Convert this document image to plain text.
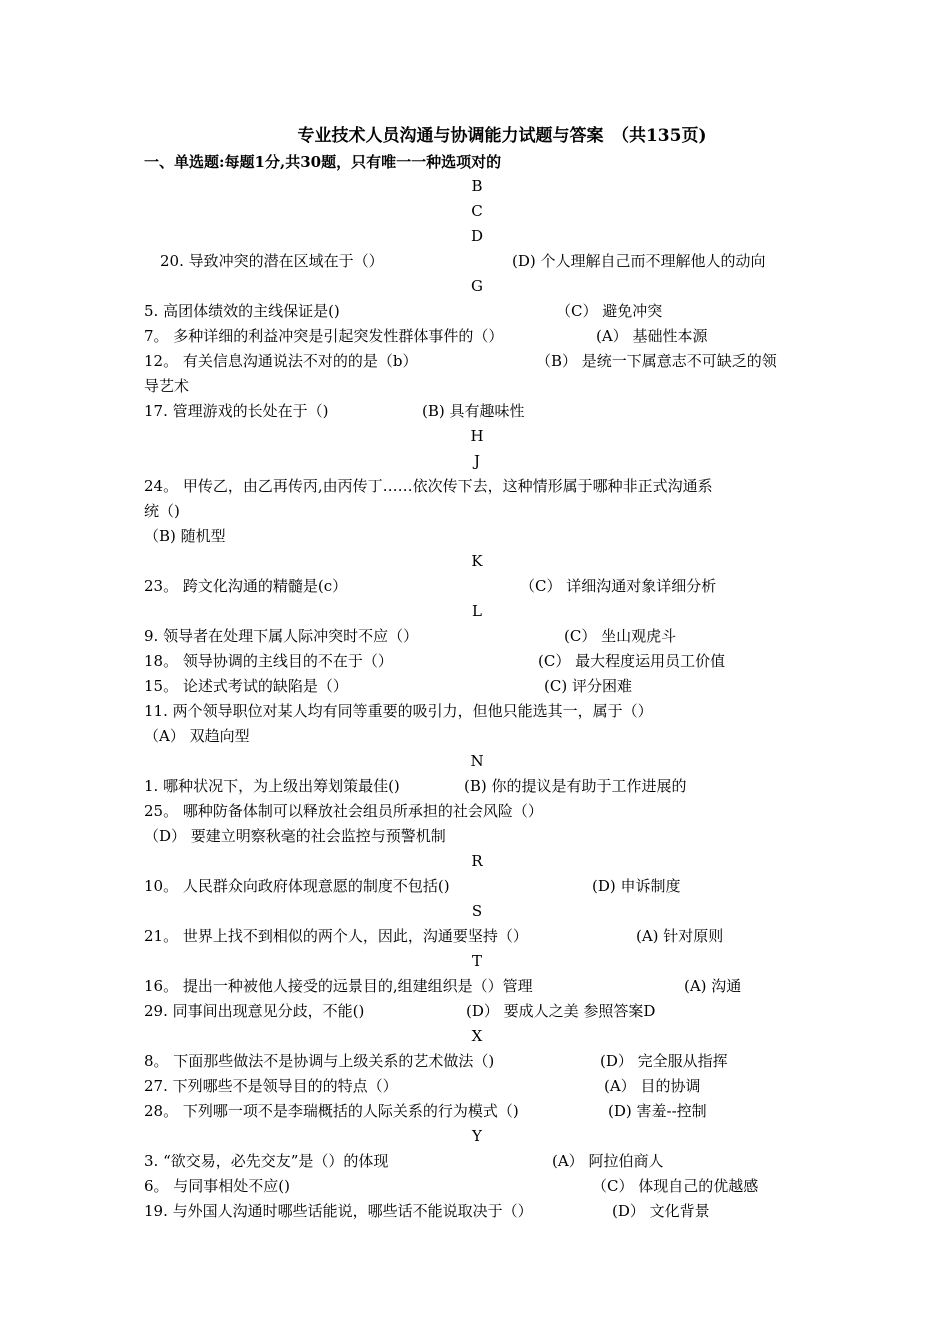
专业技术人员沟通与协调能力试题与答案　（共135页)
一、单选题:每题1分,共30题，只有唯一一种选项对的
B
C
D
20. 导致冲突的潜在区域在于（）	(D) 个人理解自己而不理解他人的动向
G
5. 高团体绩效的主线保证是()	（C） 避免冲突
7。 多种详细的利益冲突是引起突发性群体事件的（）	(A） 基础性本源
12。 有关信息沟通说法不对的的是（b）	（B） 是统一下属意志不可缺乏的领
导艺术
17. 管理游戏的长处在于（)	(B) 具有趣味性
H
J
24。 甲传乙，由乙再传丙,由丙传丁……依次传下去，这种情形属于哪种非正式沟通系
统（)
（B) 随机型
K
23。 跨文化沟通的精髓是(c）	（C） 详细沟通对象详细分析
L
9. 领导者在处理下属人际冲突时不应（）	(C） 坐山观虎斗
18。 领导协调的主线目的不在于（）	(C） 最大程度运用员工价值
15。 论述式考试的缺陷是（）	(C) 评分困难
11. 两个领导职位对某人均有同等重要的吸引力，但他只能选其一，属于（）
（A） 双趋向型
N
1. 哪种状况下，为上级出筹划策最佳()	(B) 你的提议是有助于工作进展的
25。 哪种防备体制可以释放社会组员所承担的社会风险（）
（D） 要建立明察秋毫的社会监控与预警机制
R
10。 人民群众向政府体现意愿的制度不包括()	(D) 申诉制度
S
21。 世界上找不到相似的两个人，因此，沟通要坚持（）	(A) 针对原则
T
16。 提出一种被他人接受的远景目的,组建组织是（）管理	(A) 沟通
29. 同事间出现意见分歧，不能()	(D） 要成人之美 参照答案D
X
8。 下面那些做法不是协调与上级关系的艺术做法（)	(D） 完全服从指挥
27. 下列哪些不是领导目的的特点（）	(A） 目的协调
28。 下列哪一项不是李瑞概括的人际关系的行为模式（)	(D) 害羞--控制
Y
3. “欲交易，必先交友”是（）的体现	(A） 阿拉伯商人
6。 与同事相处不应()	（C） 体现自己的优越感
19. 与外国人沟通时哪些话能说，哪些话不能说取决于（）	(D） 文化背景
